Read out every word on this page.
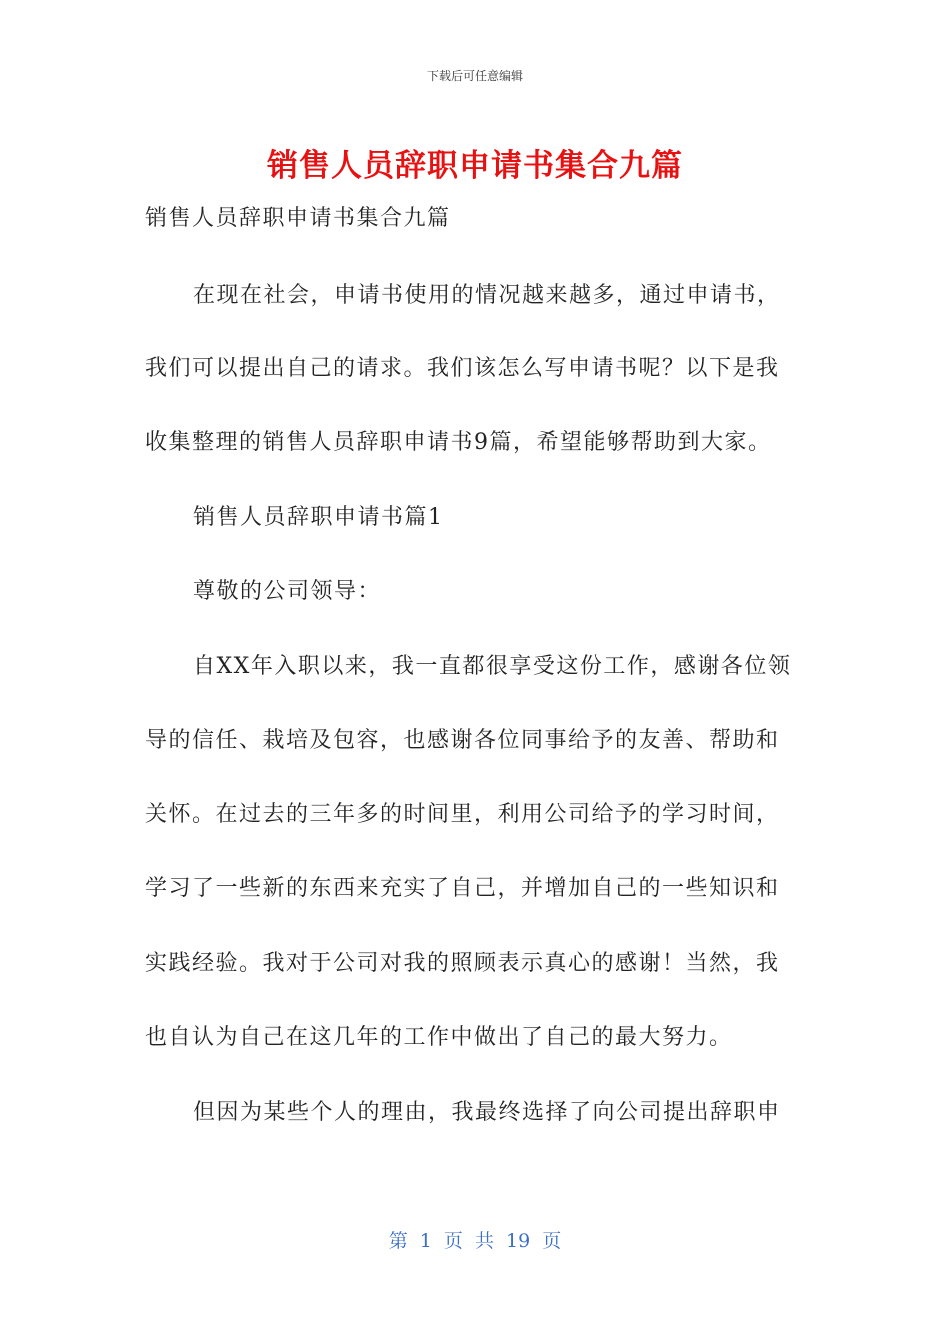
下载后可任意编辑
销售人员辞职申请书集合九篇
销售人员辞职申请书集合九篇
在现在社会，申请书使用的情况越来越多，通过申请书，
我们可以提出自己的请求。我们该怎么写申请书呢？以下是我
收集整理的销售人员辞职申请书9篇，希望能够帮助到大家。
销售人员辞职申请书篇1
尊敬的公司领导：
自XX年入职以来，我一直都很享受这份工作，感谢各位领
导的信任、栽培及包容，也感谢各位同事给予的友善、帮助和
关怀。在过去的三年多的时间里，利用公司给予的学习时间，
学习了一些新的东西来充实了自己，并增加自己的一些知识和
实践经验。我对于公司对我的照顾表示真心的感谢！当然，我
也自认为自己在这几年的工作中做出了自己的最大努力。
但因为某些个人的理由，我最终选择了向公司提出辞职申
第 1 页 共 19 页
